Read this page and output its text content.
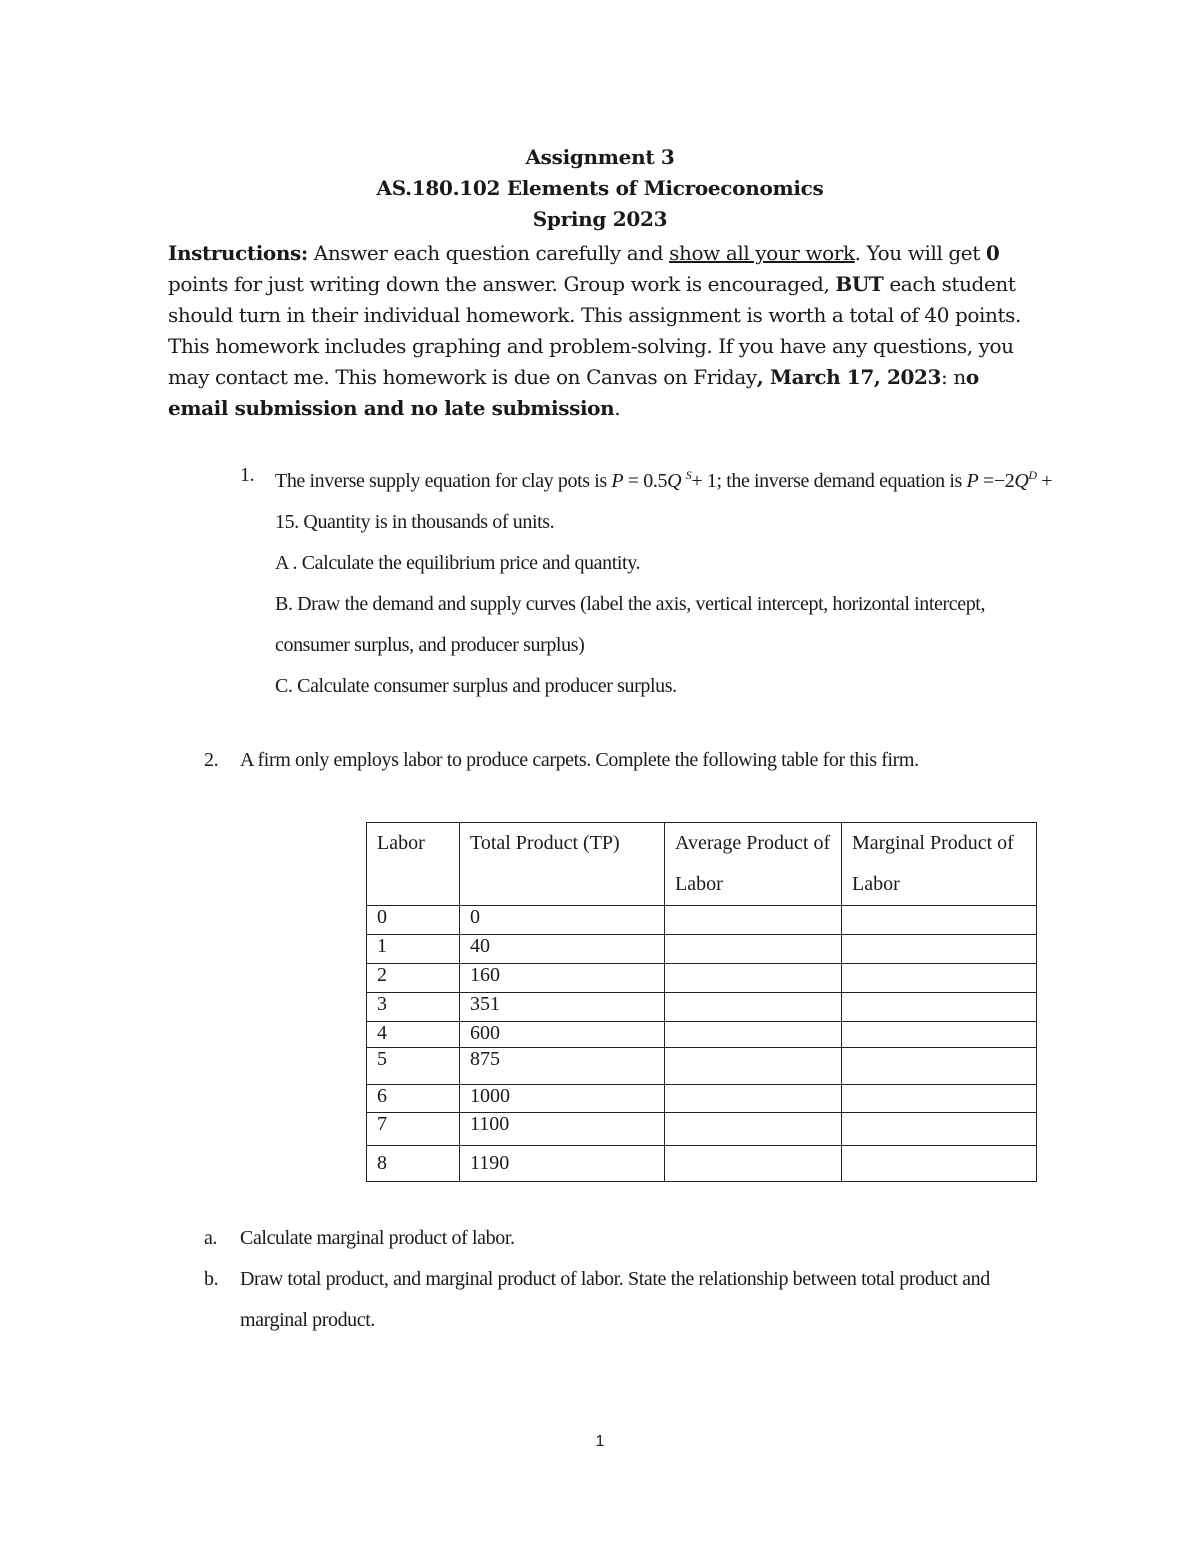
Assignment 3
AS.180.102 Elements of Microeconomics
Spring 2023
Instructions: Answer each question carefully and show all your work. You will get 0 points for just writing down the answer. Group work is encouraged, BUT each student should turn in their individual homework. This assignment is worth a total of 40 points. This homework includes graphing and problem-solving. If you have any questions, you may contact me. This homework is due on Canvas on Friday, March 17, 2023: no email submission and no late submission.
1. The inverse supply equation for clay pots is P = 0.5Q $^S$+ 1; the inverse demand equation is $P =-2Q^D + 15$. Quantity is in thousands of units.
A . Calculate the equilibrium price and quantity.
B. Draw the demand and supply curves (label the axis, vertical intercept, horizontal intercept, consumer surplus, and producer surplus)
C. Calculate consumer surplus and producer surplus.
2. A firm only employs labor to produce carpets. Complete the following table for this firm.
Labor	Total Product (TP)	Average Product of Labor	Marginal Product of Labor
0	0		
1	40		
2	160		
3	351		
4	600		
5	875		
6	1000		
7	1100		
8	1190		
a. Calculate marginal product of labor.
b. Draw total product, and marginal product of labor. State the relationship between total product and marginal product.
1
